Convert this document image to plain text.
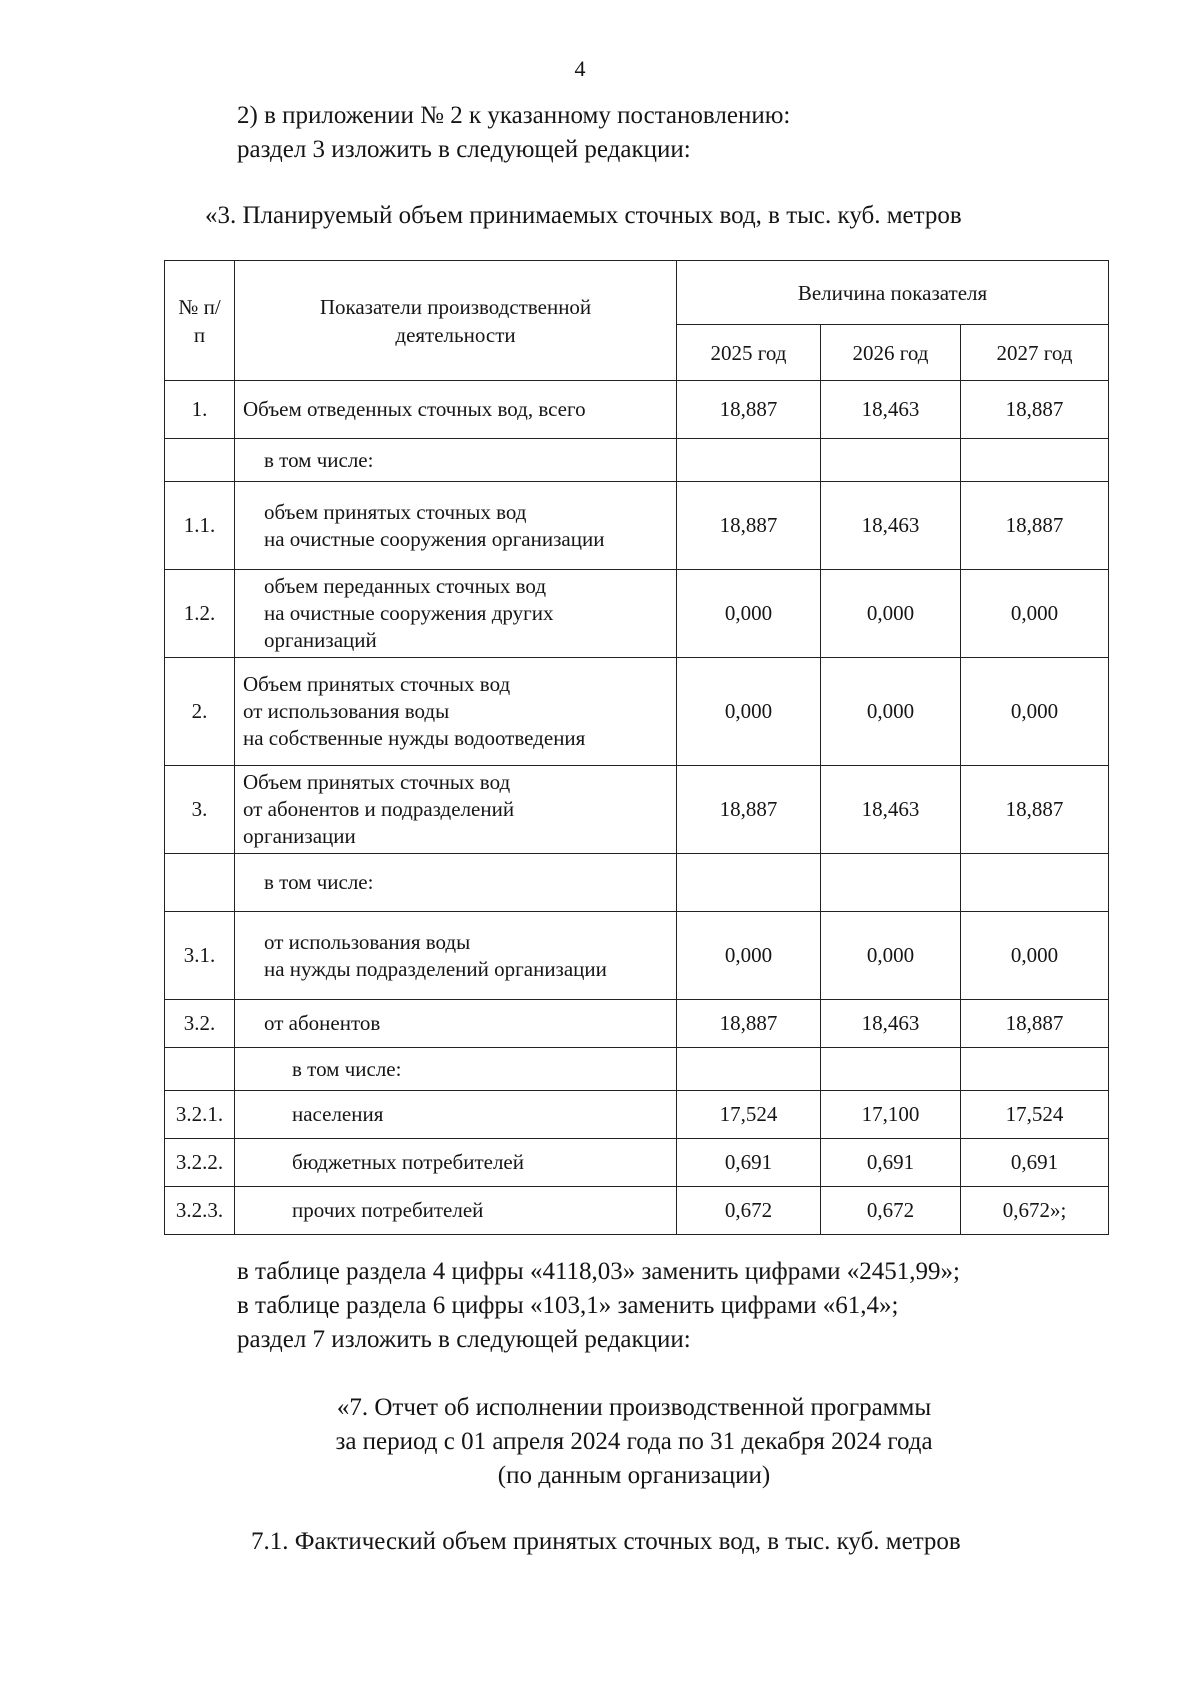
4
2) в приложении № 2 к указанному постановлению:
раздел 3 изложить в следующей редакции:
«3. Планируемый объем принимаемых сточных вод, в тыс. куб. метров
№ п/п	Показатели производственной деятельности	Величина показателя		
		2025 год	2026 год	2027 год
1.	Объем отведенных сточных вод, всего	18,887	18,463	18,887
	в том числе:			
1.1.	объем принятых сточных вод
на очистные сооружения организации	18,887	18,463	18,887
1.2.	объем переданных сточных вод
на очистные сооружения других
организаций	0,000	0,000	0,000
2.	Объем принятых сточных вод
от использования воды
на собственные нужды водоотведения	0,000	0,000	0,000
3.	Объем принятых сточных вод
от абонентов и подразделений
организации	18,887	18,463	18,887
	в том числе:			
3.1.	от использования воды
на нужды подразделений организации	0,000	0,000	0,000
3.2.	от абонентов	18,887	18,463	18,887
	в том числе:			
3.2.1.	населения	17,524	17,100	17,524
3.2.2.	бюджетных потребителей	0,691	0,691	0,691
3.2.3.	прочих потребителей	0,672	0,672	0,672»;
в таблице раздела 4 цифры «4118,03» заменить цифрами «2451,99»;
в таблице раздела 6 цифры «103,1» заменить цифрами «61,4»;
раздел 7 изложить в следующей редакции:
«7. Отчет об исполнении производственной программы
за период с 01 апреля 2024 года по 31 декабря 2024 года
(по данным организации)
7.1. Фактический объем принятых сточных вод, в тыс. куб. метров
